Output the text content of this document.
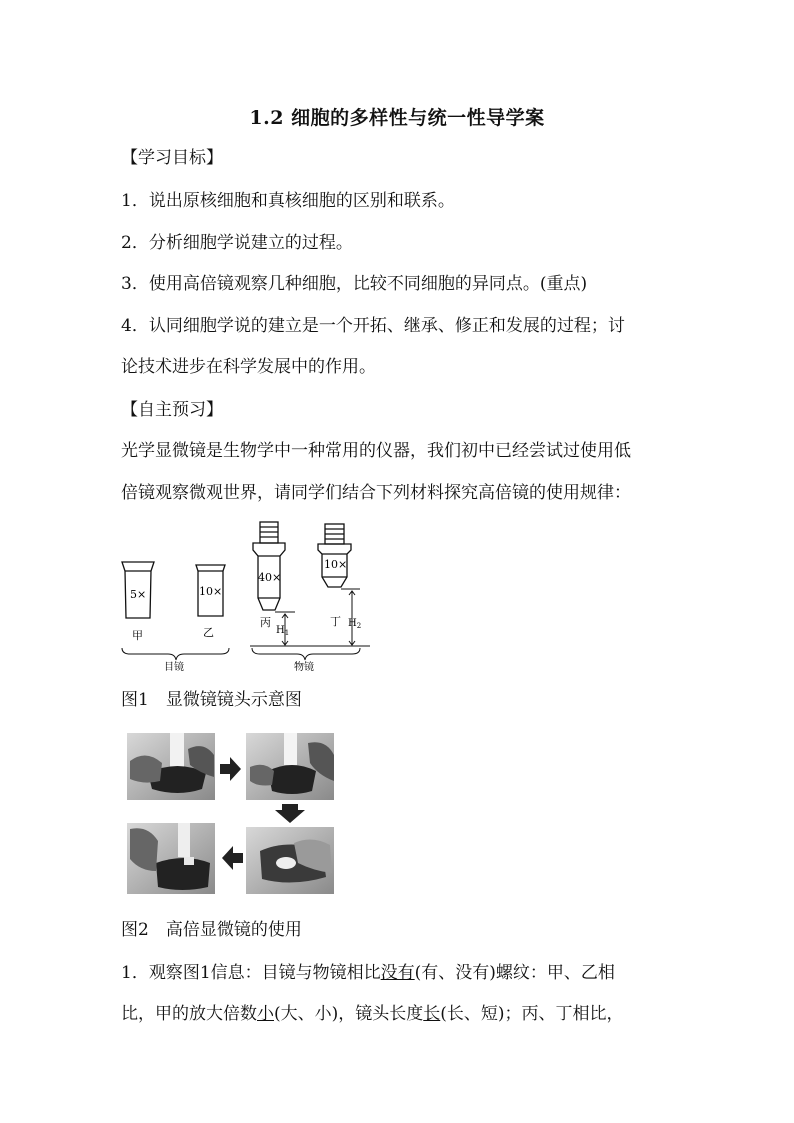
1.2 细胞的多样性与统一性导学案
【学习目标】
1．说出原核细胞和真核细胞的区别和联系。
2．分析细胞学说建立的过程。
3．使用高倍镜观察几种细胞，比较不同细胞的异同点。(重点)
4．认同细胞学说的建立是一个开拓、继承、修正和发展的过程；讨
论技术进步在科学发展中的作用。
【自主预习】
光学显微镜是生物学中一种常用的仪器，我们初中已经尝试过使用低
倍镜观察微观世界，请同学们结合下列材料探究高倍镜的使用规律：
5×
甲
10×
乙
40×
丙
10×
丁
$H_1$
$H_2$
目镜	物镜
图1　显微镜镜头示意图
图2　高倍显微镜的使用
1．观察图1信息：目镜与物镜相比没有(有、没有)螺纹：甲、乙相
比，甲的放大倍数小(大、小)，镜头长度长(长、短)；丙、丁相比，
